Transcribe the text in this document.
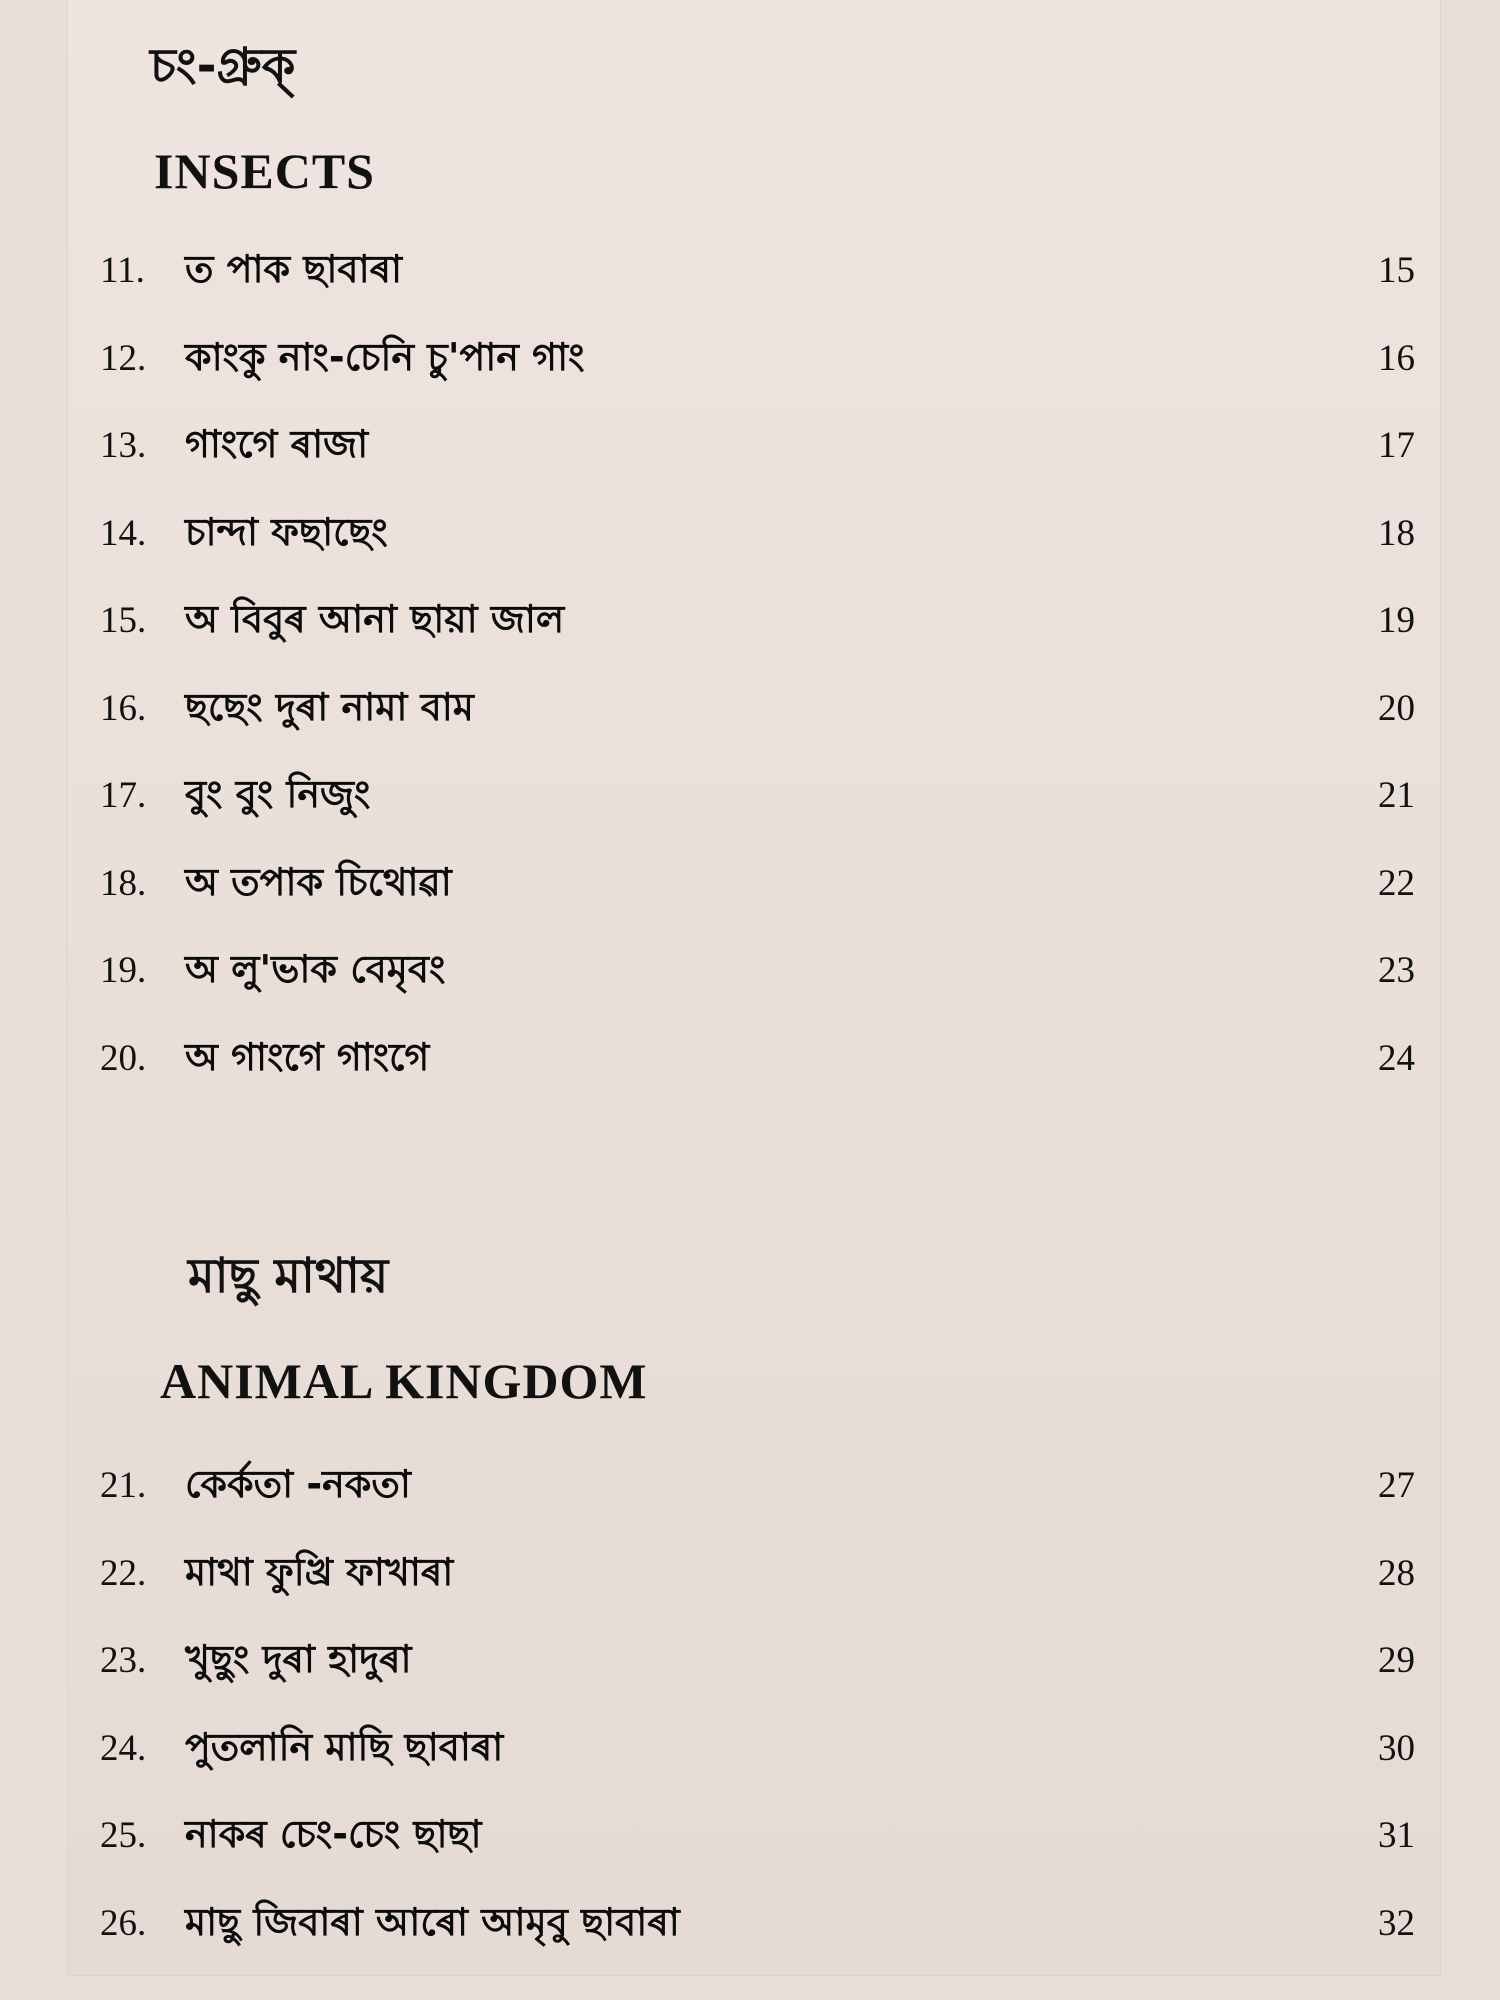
চং-গ্রুক্
INSECTS
11.	ত পাক ছাবাৰা	15
12.	কাংকু নাং-চেনি চু'পান গাং	16
13.	গাংগে ৰাজা	17
14.	চান্দা ফছাছেং	18
15.	অ বিবুৰ আনা ছায়া জাল	19
16.	ছছেং দুৰা নামা বাম	20
17.	বুং বুং নিজুং	21
18.	অ তপাক চিথোৱা	22
19.	অ লু'ভাক বেমৃবং	23
20.	অ গাংগে গাংগে	24
মাছু মাথায়
ANIMAL KINGDOM
21.	কেৰ্কতা -নকতা	27
22.	মাথা ফুখ্রি ফাখাৰা	28
23.	খুছুং দুৰা হাদুৰা	29
24.	পুতলানি মাছি ছাবাৰা	30
25.	নাকৰ চেং-চেং ছাছা	31
26.	মাছু জিবাৰা আৰো আমৃবু ছাবাৰা	32
